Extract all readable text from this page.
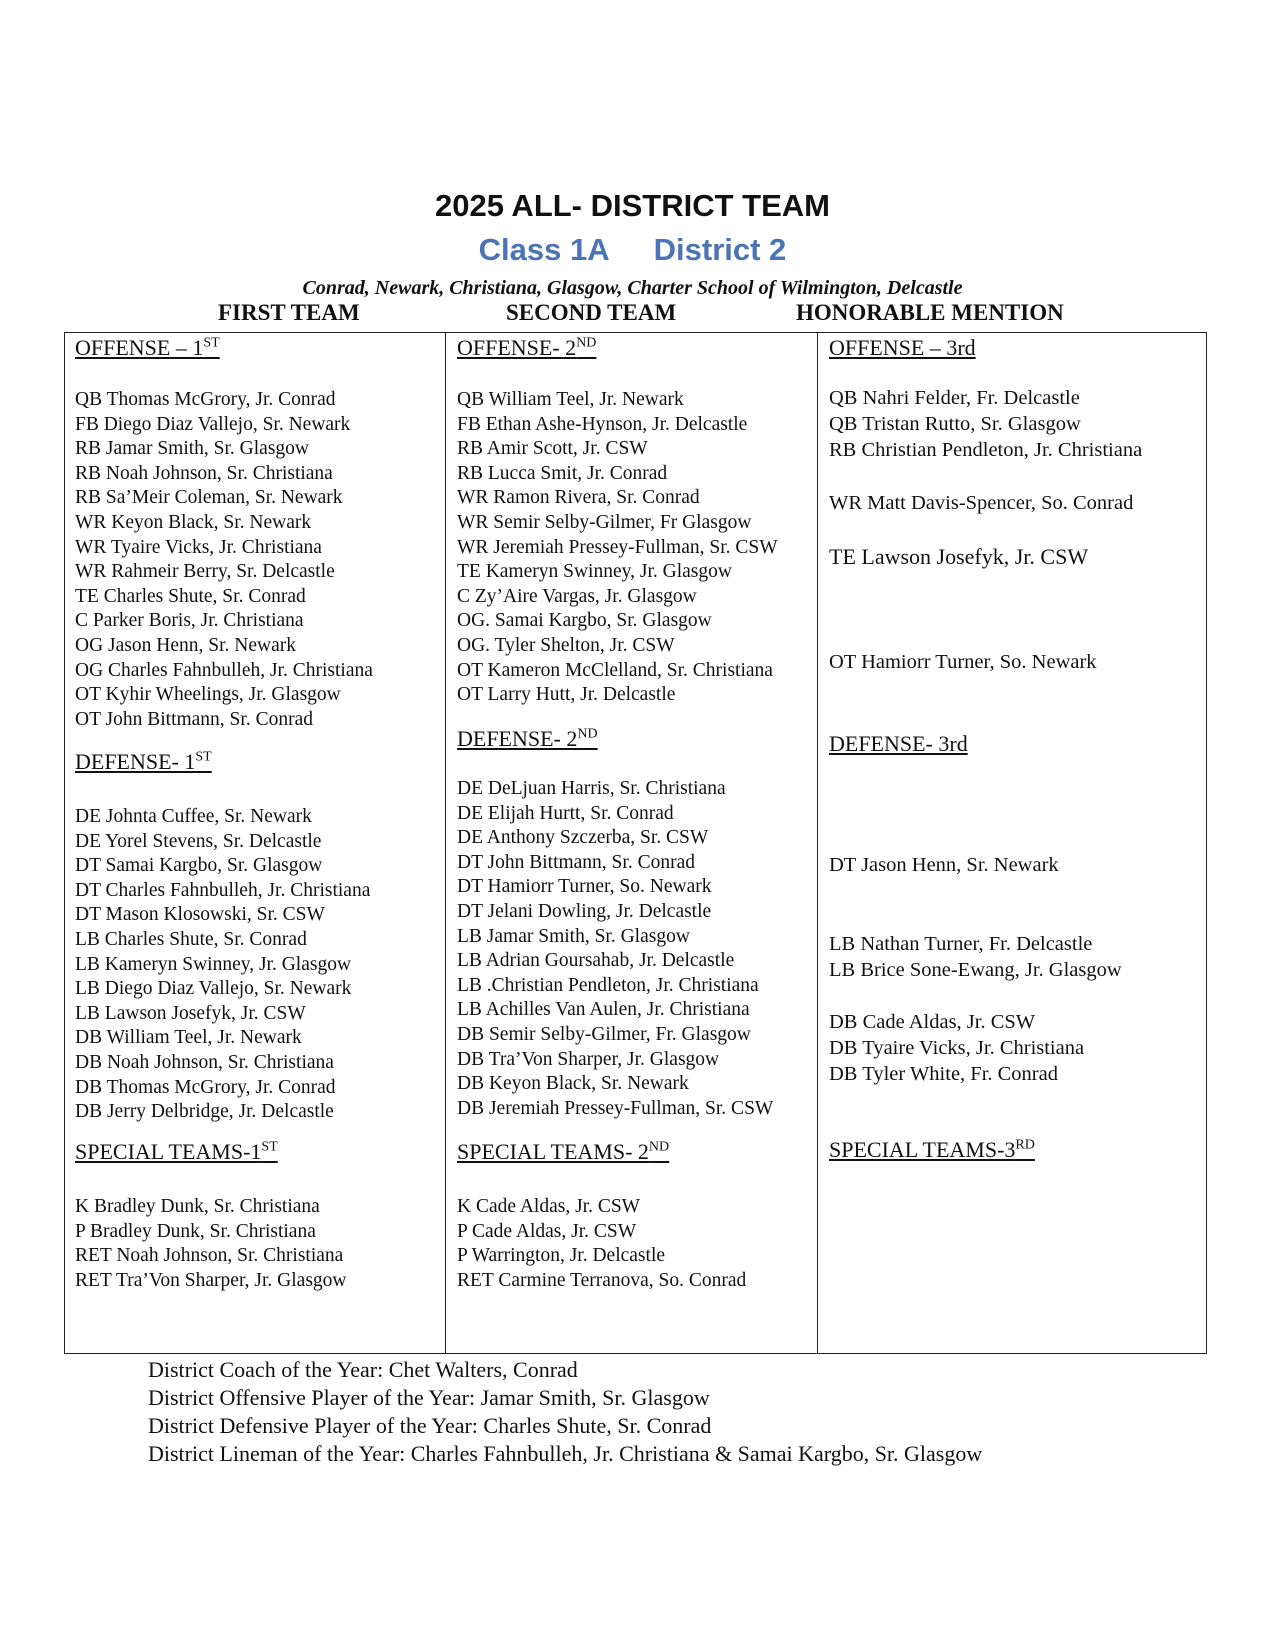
2025 ALL- DISTRICT TEAM
Class 1A District 2
Conrad, Newark, Christiana, Glasgow, Charter School of Wilmington, Delcastle
FIRST TEAM	SECOND TEAM	HONORABLE MENTION
OFFENSE – 1ST
QB Thomas McGrory, Jr. Conrad
FB Diego Diaz Vallejo, Sr. Newark
RB Jamar Smith, Sr. Glasgow
RB Noah Johnson, Sr. Christiana
RB Sa’Meir Coleman, Sr. Newark
WR Keyon Black, Sr. Newark
WR Tyaire Vicks, Jr. Christiana
WR Rahmeir Berry, Sr. Delcastle
TE Charles Shute, Sr. Conrad
C Parker Boris, Jr. Christiana
OG Jason Henn, Sr. Newark
OG Charles Fahnbulleh, Jr. Christiana
OT Kyhir Wheelings, Jr. Glasgow
OT John Bittmann, Sr. Conrad
DEFENSE- 1ST
DE Johnta Cuffee, Sr. Newark
DE Yorel Stevens, Sr. Delcastle
DT Samai Kargbo, Sr. Glasgow
DT Charles Fahnbulleh, Jr. Christiana
DT Mason Klosowski, Sr. CSW
LB Charles Shute, Sr. Conrad
LB Kameryn Swinney, Jr. Glasgow
LB Diego Diaz Vallejo, Sr. Newark
LB Lawson Josefyk, Jr. CSW
DB William Teel, Jr. Newark
DB Noah Johnson, Sr. Christiana
DB Thomas McGrory, Jr. Conrad
DB Jerry Delbridge, Jr. Delcastle
SPECIAL TEAMS-1ST
K Bradley Dunk, Sr. Christiana
P Bradley Dunk, Sr. Christiana
RET Noah Johnson, Sr. Christiana
RET Tra’Von Sharper, Jr. Glasgow
OFFENSE- 2ND
QB William Teel, Jr. Newark
FB Ethan Ashe-Hynson, Jr. Delcastle
RB Amir Scott, Jr. CSW
RB Lucca Smit, Jr. Conrad
WR Ramon Rivera, Sr. Conrad
WR Semir Selby-Gilmer, Fr Glasgow
WR Jeremiah Pressey-Fullman, Sr. CSW
TE Kameryn Swinney, Jr. Glasgow
C Zy’Aire Vargas, Jr. Glasgow
OG. Samai Kargbo, Sr. Glasgow
OG. Tyler Shelton, Jr. CSW
OT Kameron McClelland, Sr. Christiana
OT Larry Hutt, Jr. Delcastle
DEFENSE- 2ND
DE DeLjuan Harris, Sr. Christiana
DE Elijah Hurtt, Sr. Conrad
DE Anthony Szczerba, Sr. CSW
DT John Bittmann, Sr. Conrad
DT Hamiorr Turner, So. Newark
DT Jelani Dowling, Jr. Delcastle
LB Jamar Smith, Sr. Glasgow
LB Adrian Goursahab, Jr. Delcastle
LB .Christian Pendleton, Jr. Christiana
LB Achilles Van Aulen, Jr. Christiana
DB Semir Selby-Gilmer, Fr. Glasgow
DB Tra’Von Sharper, Jr. Glasgow
DB Keyon Black, Sr. Newark
DB Jeremiah Pressey-Fullman, Sr. CSW
SPECIAL TEAMS- 2ND
K Cade Aldas, Jr. CSW
P Cade Aldas, Jr. CSW
P Warrington, Jr. Delcastle
RET Carmine Terranova, So. Conrad
OFFENSE – 3rd
QB Nahri Felder, Fr. Delcastle
QB Tristan Rutto, Sr. Glasgow
RB Christian Pendleton, Jr. Christiana
WR Matt Davis-Spencer, So. Conrad
TE Lawson Josefyk, Jr. CSW
OT Hamiorr Turner, So. Newark
DEFENSE- 3rd
DT Jason Henn, Sr. Newark
LB Nathan Turner, Fr. Delcastle
LB Brice Sone-Ewang, Jr. Glasgow
DB Cade Aldas, Jr. CSW
DB Tyaire Vicks, Jr. Christiana
DB Tyler White, Fr. Conrad
SPECIAL TEAMS-3RD
District Coach of the Year: Chet Walters, Conrad
District Offensive Player of the Year: Jamar Smith, Sr. Glasgow
District Defensive Player of the Year: Charles Shute, Sr. Conrad
District Lineman of the Year: Charles Fahnbulleh, Jr. Christiana & Samai Kargbo, Sr. Glasgow
